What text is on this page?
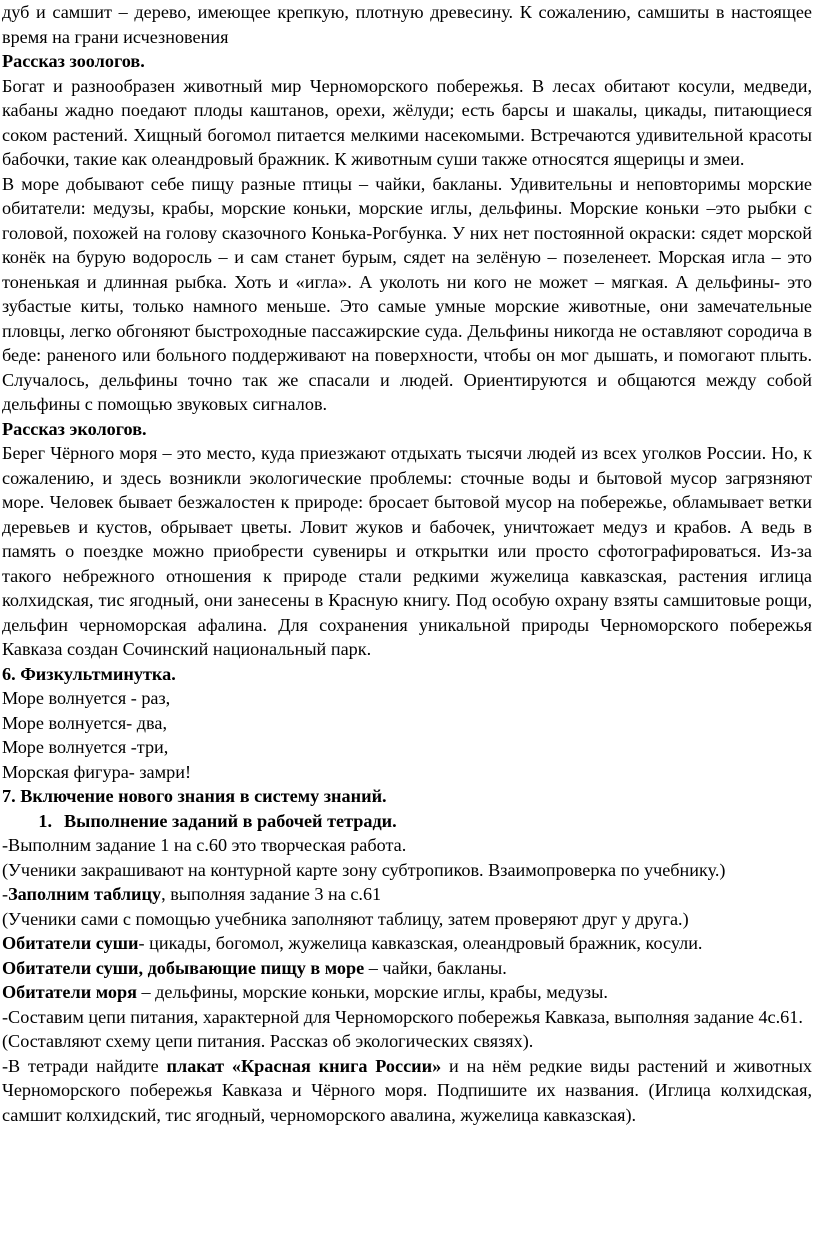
дуб и самшит – дерево, имеющее крепкую, плотную древесину. К сожалению, самшиты в настоящее время на грани исчезновения

Рассказ зоологов.

Богат и разнообразен животный мир Черноморского побережья. В лесах обитают косули, медведи, кабаны жадно поедают плоды каштанов, орехи, жёлуди; есть барсы и шакалы, цикады, питающиеся соком растений. Хищный богомол питается мелкими насекомыми. Встречаются удивительной красоты бабочки, такие как олеандровый бражник. К животным суши также относятся ящерицы и змеи.

В море добывают себе пищу разные птицы – чайки, бакланы. Удивительны и неповторимы морские обитатели: медузы, крабы, морские коньки, морские иглы, дельфины. Морские коньки –это рыбки с головой, похожей на голову сказочного Конька-Рогбунка. У них нет постоянной окраски: сядет морской конёк на бурую водоросль – и сам станет бурым, сядет на зелёную – позеленеет. Морская игла – это тоненькая и длинная рыбка. Хоть и «игла». А уколоть ни кого не может – мягкая. А дельфины- это зубастые киты, только намного меньше. Это самые умные морские животные, они замечательные пловцы, легко обгоняют быстроходные пассажирские суда. Дельфины никогда не оставляют сородича в беде: раненого или больного поддерживают на поверхности, чтобы он мог дышать, и помогают плыть. Случалось, дельфины точно так же спасали и людей. Ориентируются и общаются между собой дельфины с помощью звуковых сигналов.

Рассказ экологов.

Берег Чёрного моря – это место, куда приезжают отдыхать тысячи людей из всех уголков России. Но, к сожалению, и здесь возникли экологические проблемы: сточные воды и бытовой мусор загрязняют море. Человек бывает безжалостен к природе: бросает бытовой мусор на побережье, обламывает ветки деревьев и кустов, обрывает цветы. Ловит жуков и бабочек, уничтожает медуз и крабов. А ведь в память о поездке можно приобрести сувениры и открытки или просто сфотографироваться. Из-за такого небрежного отношения к природе стали редкими жужелица кавказская, растения иглица колхидская, тис ягодный, они занесены в Красную книгу. Под особую охрану взяты самшитовые рощи, дельфин черноморская афалина. Для сохранения уникальной природы Черноморского побережья Кавказа создан Сочинский национальный парк.

6. Физкультминутка.

Море волнуется - раз,

Море волнуется- два,

Море волнуется -три,

Морская фигура- замри!

7. Включение нового знания в систему знаний.

1. Выполнение заданий в рабочей тетради.

-Выполним задание 1 на с.60 это творческая работа.

(Ученики закрашивают на контурной карте зону субтропиков. Взаимопроверка по учебнику.)

-Заполним таблицу, выполняя задание 3 на с.61

(Ученики сами с помощью учебника заполняют таблицу, затем проверяют друг у друга.)

Обитатели суши- цикады, богомол, жужелица кавказская, олеандровый бражник, косули.

Обитатели суши, добывающие пищу в море – чайки, бакланы.

Обитатели моря – дельфины, морские коньки, морские иглы, крабы, медузы.

-Составим цепи питания, характерной для Черноморского побережья Кавказа, выполняя задание 4с.61.

(Составляют схему цепи питания. Рассказ об экологических связях).

-В тетради найдите плакат «Красная книга России» и на нём редкие виды растений и животных Черноморского побережья Кавказа и Чёрного моря. Подпишите их названия. (Иглица колхидская, самшит колхидский, тис ягодный, черноморского авалина, жужелица кавказская).
